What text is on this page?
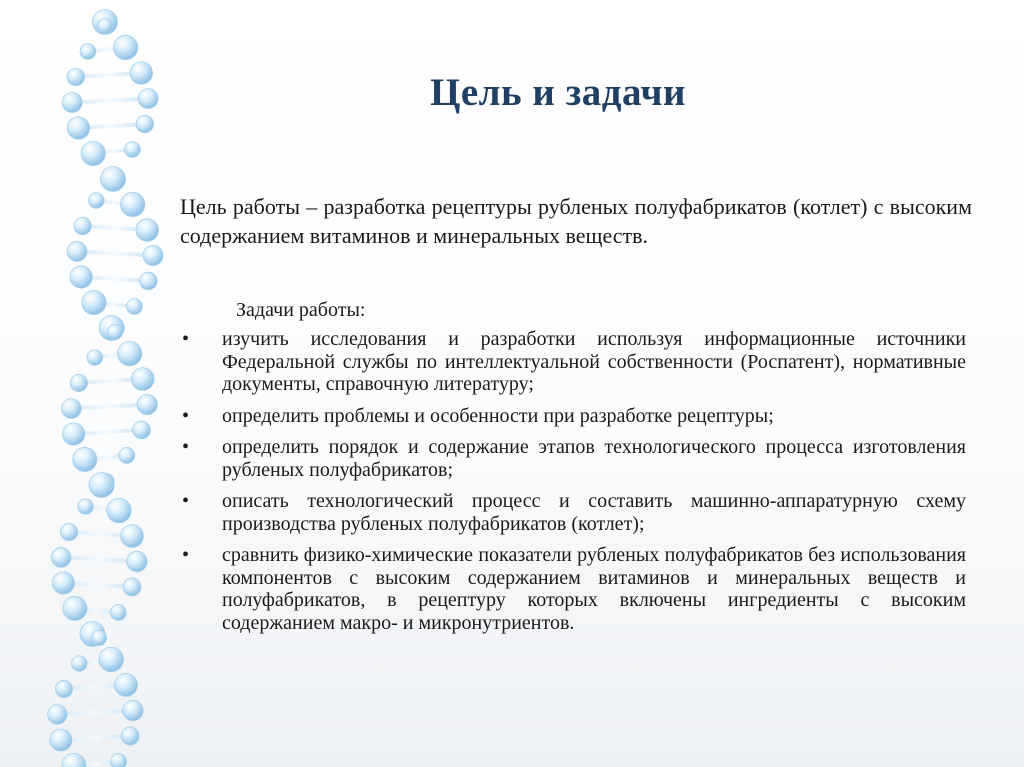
Цель и задачи
Цель работы – разработка рецептуры рубленых полуфабрикатов (котлет) с высоким содержанием витаминов и минеральных веществ.
Задачи работы:
• изучить исследования и разработки используя информационные источники Федеральной службы по интеллектуальной собственности (Роспатент), нормативные документы, справочную литературу;
• определить проблемы и особенности при разработке рецептуры;
• определить порядок и содержание этапов технологического процесса изготовления рубленых полуфабрикатов;
• описать технологический процесс и составить машинно-аппаратурную схему производства рубленых полуфабрикатов (котлет);
• сравнить физико-химические показатели рубленых полуфабрикатов без использования компонентов с высоким содержанием витаминов и минеральных веществ и полуфабрикатов, в рецептуру которых включены ингредиенты с высоким содержанием макро- и микронутриентов.
